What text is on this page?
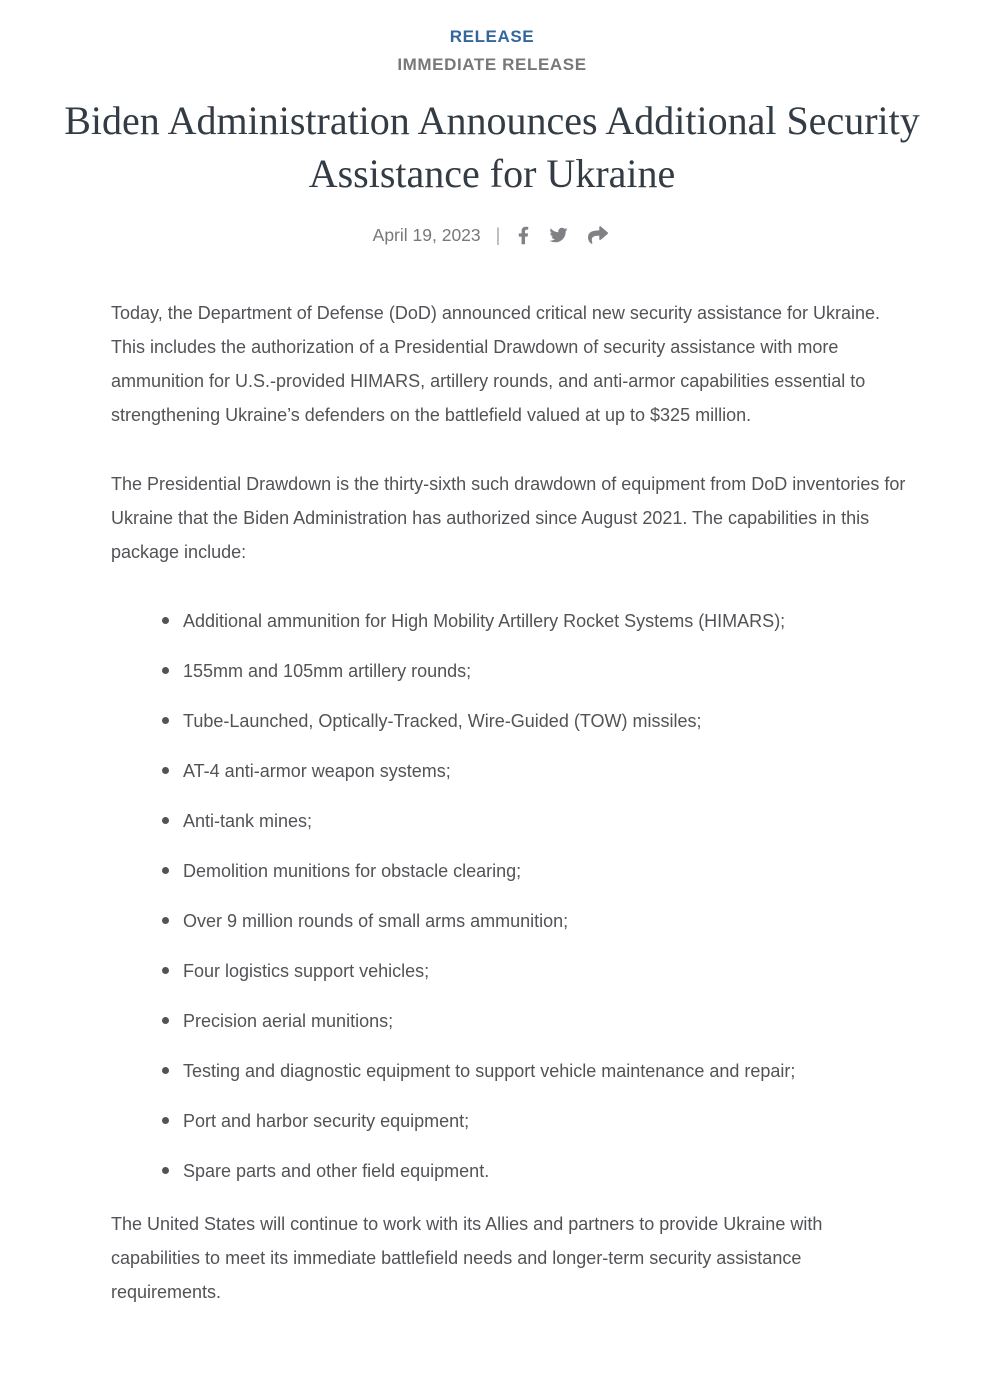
RELEASE
IMMEDIATE RELEASE
Biden Administration Announces Additional Security Assistance for Ukraine
April 19, 2023 |

Today, the Department of Defense (DoD) announced critical new security assistance for Ukraine. This includes the authorization of a Presidential Drawdown of security assistance with more ammunition for U.S.-provided HIMARS, artillery rounds, and anti-armor capabilities essential to strengthening Ukraine’s defenders on the battlefield valued at up to $325 million.

The Presidential Drawdown is the thirty-sixth such drawdown of equipment from DoD inventories for Ukraine that the Biden Administration has authorized since August 2021. The capabilities in this package include:

Additional ammunition for High Mobility Artillery Rocket Systems (HIMARS);
155mm and 105mm artillery rounds;
Tube-Launched, Optically-Tracked, Wire-Guided (TOW) missiles;
AT-4 anti-armor weapon systems;
Anti-tank mines;
Demolition munitions for obstacle clearing;
Over 9 million rounds of small arms ammunition;
Four logistics support vehicles;
Precision aerial munitions;
Testing and diagnostic equipment to support vehicle maintenance and repair;
Port and harbor security equipment;
Spare parts and other field equipment.

The United States will continue to work with its Allies and partners to provide Ukraine with capabilities to meet its immediate battlefield needs and longer-term security assistance requirements.
